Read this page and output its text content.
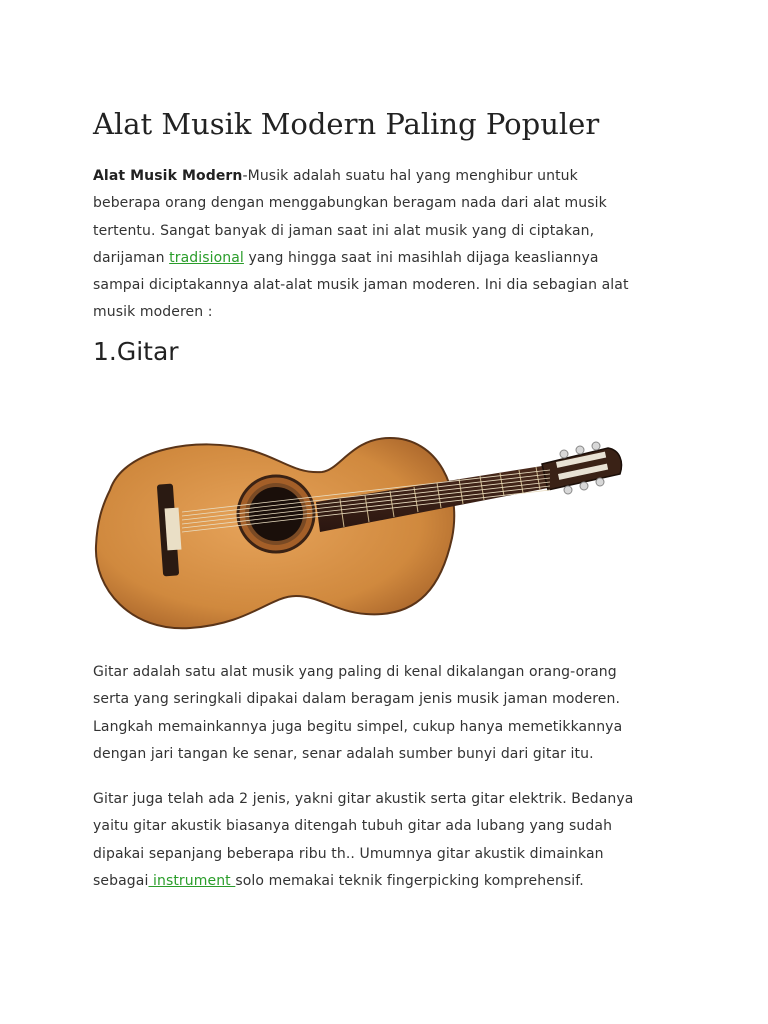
Alat Musik Modern Paling Populer

Alat Musik Modern-Musik adalah suatu hal yang menghibur untuk
beberapa orang dengan menggabungkan beragam nada dari alat musik
tertentu. Sangat banyak di jaman saat ini alat musik yang di ciptakan,
darijaman tradisional yang hingga saat ini masihlah dijaga keasliannya
sampai diciptakannya alat-alat musik jaman moderen. Ini dia sebagian alat
musik moderen :

1.Gitar

Gitar adalah satu alat musik yang paling di kenal dikalangan orang-orang
serta yang seringkali dipakai dalam beragam jenis musik jaman moderen.
Langkah memainkannya juga begitu simpel, cukup hanya memetikkannya
dengan jari tangan ke senar, senar adalah sumber bunyi dari gitar itu.

Gitar juga telah ada 2 jenis, yakni gitar akustik serta gitar elektrik. Bedanya
yaitu gitar akustik biasanya ditengah tubuh gitar ada lubang yang sudah
dipakai sepanjang beberapa ribu th.. Umumnya gitar akustik dimainkan
sebagai instrument solo memakai teknik fingerpicking komprehensif.
